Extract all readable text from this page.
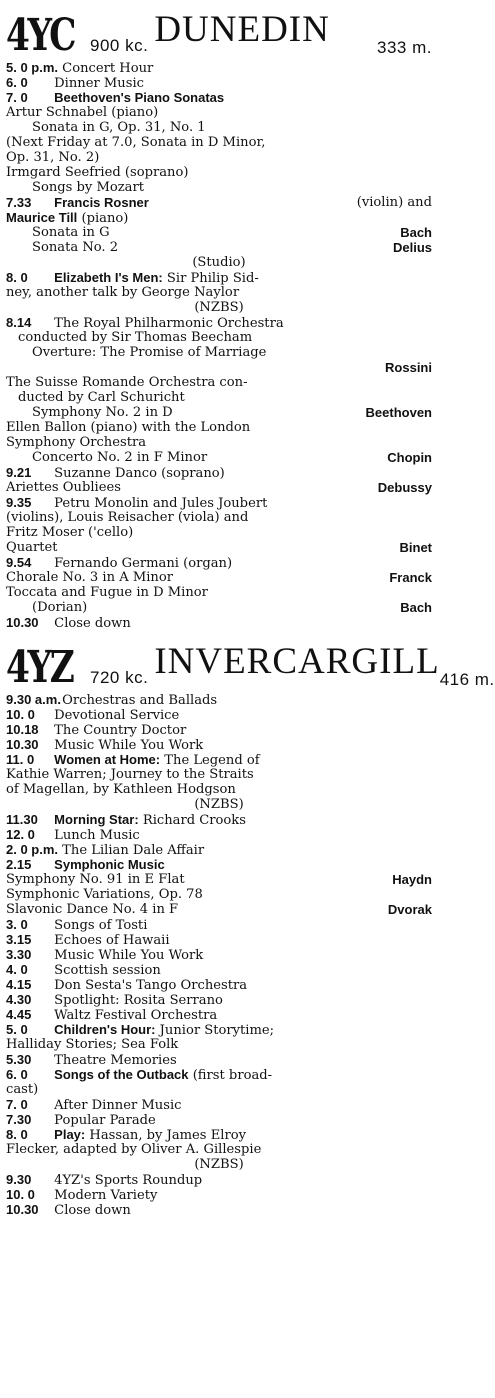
4YC 900 kc. DUNEDIN	333 m.
5. 0 p.m. Concert Hour
6. 0 Dinner Music
7. 0 Beethoven's Piano Sonatas
Artur Schnabel (piano)
Sonata in G, Op. 31, No. 1
(Next Friday at 7.0, Sonata in D Minor,
Op. 31, No. 2)
Irmgard Seefried (soprano)
Songs by Mozart
7.33 Francis Rosner	(violin) and
Maurice Till (piano)
Sonata in G	Bach
Sonata No. 2	Delius
(Studio)
8. 0 Elizabeth I's Men: Sir Philip Sid-
ney, another talk by George Naylor
(NZBS)
8.14 The Royal Philharmonic Orchestra
conducted by Sir Thomas Beecham
Overture: The Promise of Marriage
Rossini
The Suisse Romande Orchestra con-
ducted by Carl Schuricht
Symphony No. 2 in D	Beethoven
Ellen Ballon (piano) with the London
Symphony Orchestra
Concerto No. 2 in F Minor	Chopin
9.21 Suzanne Danco (soprano)
Ariettes Oubliees	Debussy
9.35 Petru Monolin and Jules Joubert
(violins), Louis Reisacher (viola) and
Fritz Moser ('cello)
Quartet	Binet
9.54 Fernando Germani (organ)
Chorale No. 3 in A Minor	Franck
Toccata and Fugue in D Minor
(Dorian)	Bach
10.30 Close down
4YZ 720 kc. INVERCARGILL 416 m.
9.30 a.m. Orchestras and Ballads
10. 0 Devotional Service
10.18 The Country Doctor
10.30 Music While You Work
11. 0 Women at Home: The Legend of
Kathie Warren; Journey to the Straits
of Magellan, by Kathleen Hodgson
(NZBS)
11.30 Morning Star: Richard Crooks
12. 0 Lunch Music
2. 0 p.m. The Lilian Dale Affair
2.15 Symphonic Music
Symphony No. 91 in E Flat	Haydn
Symphonic Variations, Op. 78
Slavonic Dance No. 4 in F	Dvorak
3. 0 Songs of Tosti
3.15 Echoes of Hawaii
3.30 Music While You Work
4. 0 Scottish session
4.15 Don Sesta's Tango Orchestra
4.30 Spotlight: Rosita Serrano
4.45 Waltz Festival Orchestra
5. 0 Children's Hour: Junior Storytime;
Halliday Stories; Sea Folk
5.30 Theatre Memories
6. 0 Songs of the Outback (first broad-
cast)
7. 0 After Dinner Music
7.30 Popular Parade
8. 0 Play: Hassan, by James Elroy
Flecker, adapted by Oliver A. Gillespie
(NZBS)
9.30 4YZ's Sports Roundup
10. 0 Modern Variety
10.30 Close down
